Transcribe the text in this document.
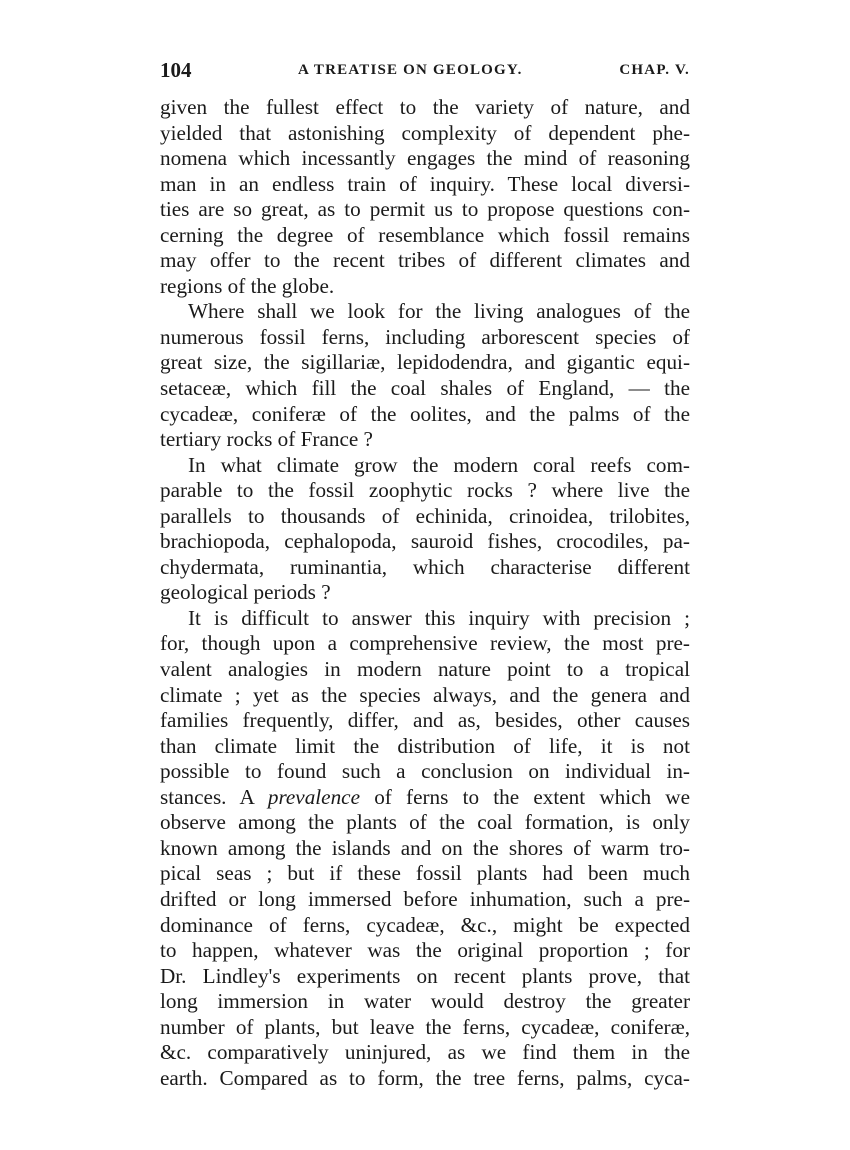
104	A TREATISE ON GEOLOGY.	CHAP. V.
given the fullest effect to the variety of nature, and
yielded that astonishing complexity of dependent phe-
nomena which incessantly engages the mind of reasoning
man in an endless train of inquiry. These local diversi-
ties are so great, as to permit us to propose questions con-
cerning the degree of resemblance which fossil remains
may offer to the recent tribes of different climates and
regions of the globe.
Where shall we look for the living analogues of the
numerous fossil ferns, including arborescent species of
great size, the sigillariæ, lepidodendra, and gigantic equi-
setaceæ, which fill the coal shales of England, — the
cycadeæ, coniferæ of the oolites, and the palms of the
tertiary rocks of France ?
In what climate grow the modern coral reefs com-
parable to the fossil zoophytic rocks ? where live the
parallels to thousands of echinida, crinoidea, trilobites,
brachiopoda, cephalopoda, sauroid fishes, crocodiles, pa-
chydermata, ruminantia, which characterise different
geological periods ?
It is difficult to answer this inquiry with precision ;
for, though upon a comprehensive review, the most pre-
valent analogies in modern nature point to a tropical
climate ; yet as the species always, and the genera and
families frequently, differ, and as, besides, other causes
than climate limit the distribution of life, it is not
possible to found such a conclusion on individual in-
stances. A prevalence of ferns to the extent which we
observe among the plants of the coal formation, is only
known among the islands and on the shores of warm tro-
pical seas ; but if these fossil plants had been much
drifted or long immersed before inhumation, such a pre-
dominance of ferns, cycadeæ, &c., might be expected
to happen, whatever was the original proportion ; for
Dr. Lindley's experiments on recent plants prove, that
long immersion in water would destroy the greater
number of plants, but leave the ferns, cycadeæ, coniferæ,
&c. comparatively uninjured, as we find them in the
earth. Compared as to form, the tree ferns, palms, cyca-
